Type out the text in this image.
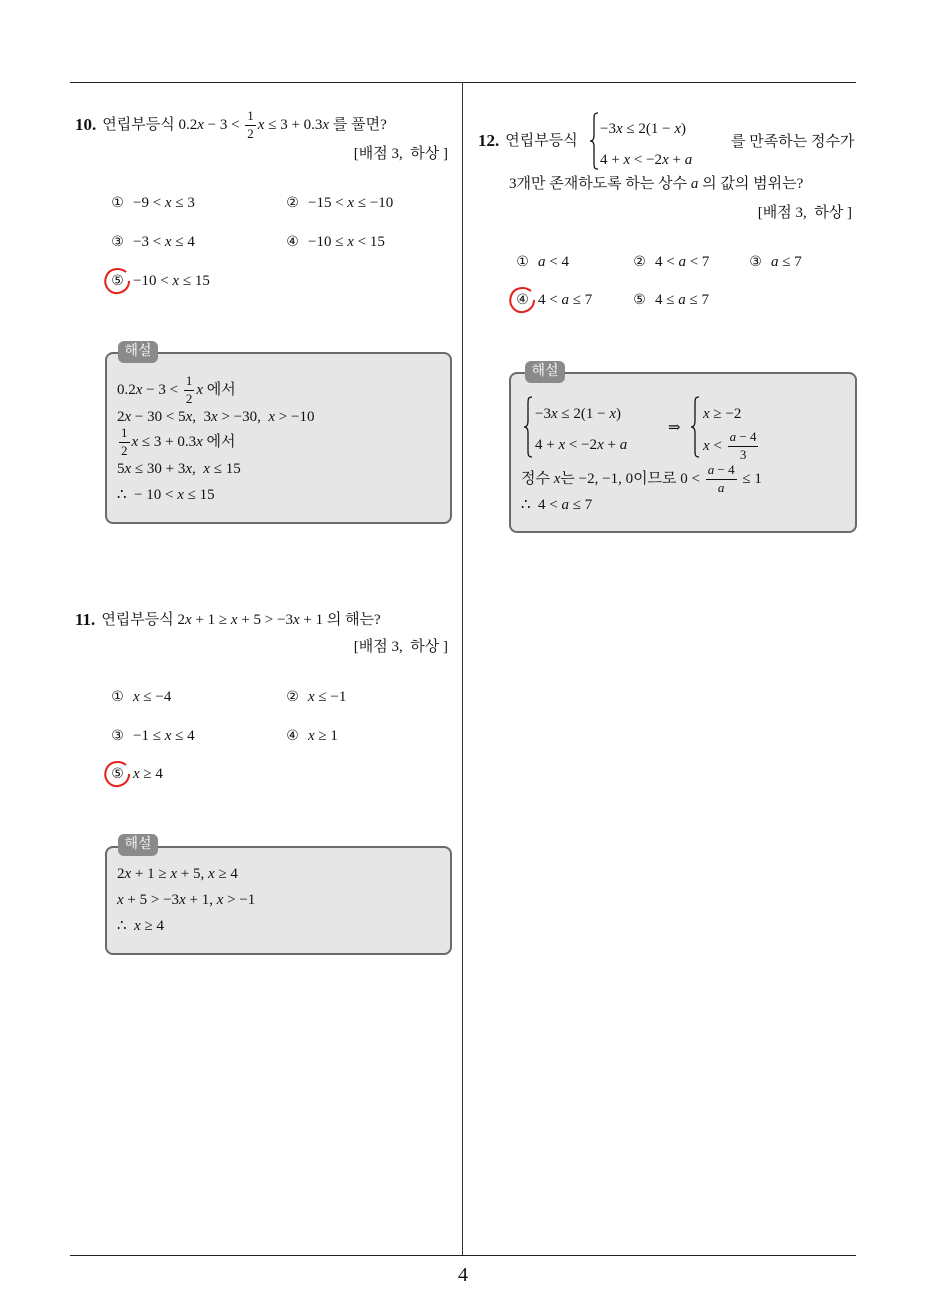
4
10. 연립부등식 $0.2x - 3 < \frac{1}{2}$ x ≤ 3 + 0.3x 를 풀면?
[배점 3,  하상 ]
① −9 < x ≤ 3	② −15 < x ≤ −10
③ −3 < x ≤ 4	④ −10 ≤ x < 15
⑤ −10 < x ≤ 15
해설
$0.2x - 3 < \frac{1}{2}$ x 에서
2x − 30 < 5x,  3x > −30,  x > −10
$\frac{1}{2}$ x ≤ 3 + 0.3x 에서
5x ≤ 30 + 3x,  x ≤ 15
∴  − 10 < x ≤ 15
11. 연립부등식 2x + 1 ≥ x + 5 > −3x + 1 의 해는?
[배점 3,  하상 ]
① x ≤ −4	② x ≤ −1
③ −1 ≤ x ≤ 4	④ x ≥ 1
⑤ x ≥ 4
해설
2x + 1 ≥ x + 5, x ≥ 4
x + 5 > −3x + 1, x > −1
∴  x ≥ 4
12. 연립부등식
−3x ≤ 2(1 − x)
4 + x < −2x + a
를 만족하는 정수가
3개만 존재하도록 하는 상수 a 의 값의 범위는?
[배점 3,  하상 ]
① a < 4	② 4 < a < 7	③ a ≤ 7
④ 4 < a ≤ 7	⑤ 4 ≤ a ≤ 7
해설
−3x ≤ 2(1 − x)
4 + x < −2x + a
⇒
x ≥ −2
$x < \frac{a - 4}{3}$
정수 x는 −2, −1, 0이므로 $0 < \frac{a - 4}{a} \le 1$
∴  4 < a ≤ 7
